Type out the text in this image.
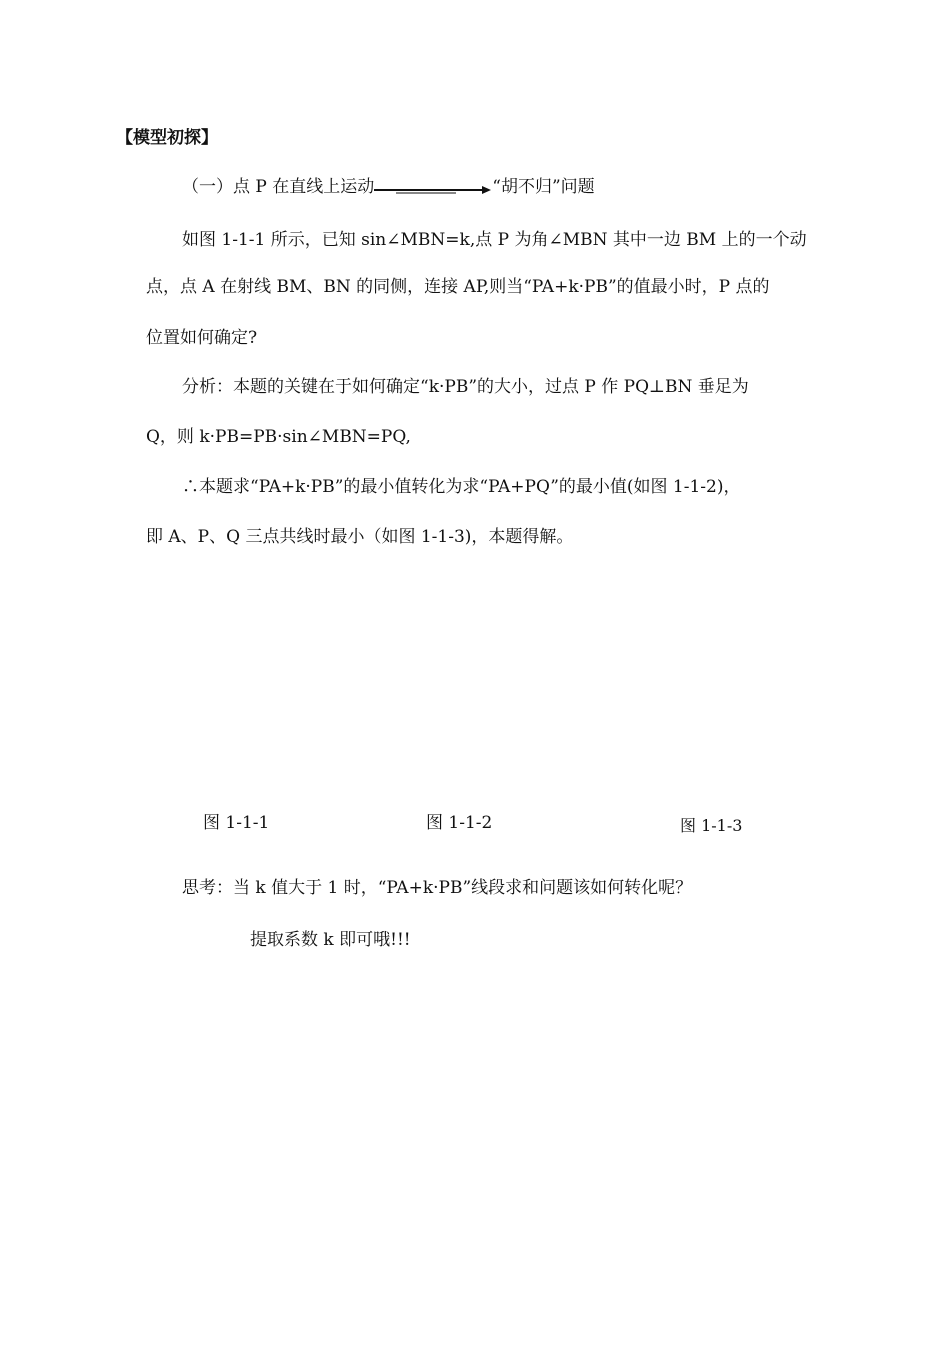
【模型初探】

（一）点 P 在直线上运动	“胡不归”问题

如图 1-1-1 所示，已知 sin∠MBN=k,点 P 为角∠MBN 其中一边 BM 上的一个动

点，点 A 在射线 BM、BN 的同侧，连接 AP,则当“PA+k·PB”的值最小时，P 点的

位置如何确定?

分析：本题的关键在于如何确定“k·PB”的大小，过点 P 作 PQ⊥BN 垂足为

Q，则 k·PB=PB·sin∠MBN=PQ,

∴本题求“PA+k·PB”的最小值转化为求“PA+PQ”的最小值(如图 1-1-2)，

即 A、P、Q 三点共线时最小（如图 1-1-3)，本题得解。

图 1-1-1	图 1-1-2	图 1-1-3

思考：当 k 值大于 1 时，“PA+k·PB”线段求和问题该如何转化呢？

提取系数 k 即可哦!!!
